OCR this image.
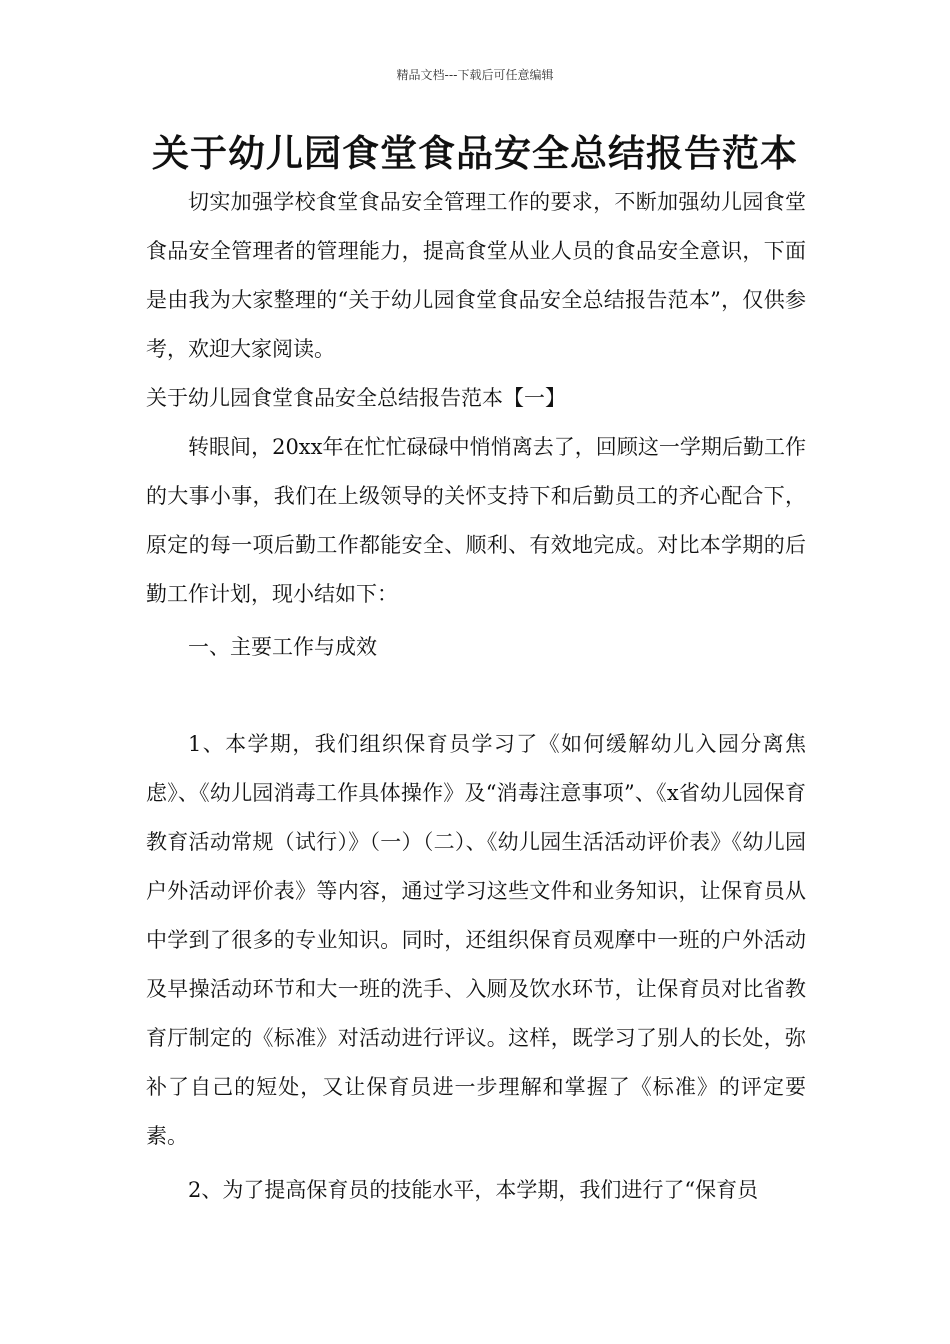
精品文档---下载后可任意编辑
关于幼儿园食堂食品安全总结报告范本

切实加强学校食堂食品安全管理工作的要求，不断加强幼儿园食堂食品安全管理者的管理能力，提高食堂从业人员的食品安全意识，下面是由我为大家整理的“关于幼儿园食堂食品安全总结报告范本”，仅供参考，欢迎大家阅读。

关于幼儿园食堂食品安全总结报告范本【一】

转眼间，20xx年在忙忙碌碌中悄悄离去了，回顾这一学期后勤工作的大事小事，我们在上级领导的关怀支持下和后勤员工的齐心配合下，原定的每一项后勤工作都能安全、顺利、有效地完成。对比本学期的后勤工作计划，现小结如下：

一、主要工作与成效

1、本学期，我们组织保育员学习了《如何缓解幼儿入园分离焦虑》、《幼儿园消毒工作具体操作》及“消毒注意事项”、《x省幼儿园保育教育活动常规（试行）》（一）（二）、《幼儿园生活活动评价表》《幼儿园户外活动评价表》等内容，通过学习这些文件和业务知识，让保育员从中学到了很多的专业知识。同时，还组织保育员观摩中一班的户外活动及早操活动环节和大一班的洗手、入厕及饮水环节，让保育员对比省教育厅制定的《标准》对活动进行评议。这样，既学习了别人的长处，弥补了自己的短处，又让保育员进一步理解和掌握了《标准》的评定要素。

2、为了提高保育员的技能水平，本学期，我们进行了“保育员
